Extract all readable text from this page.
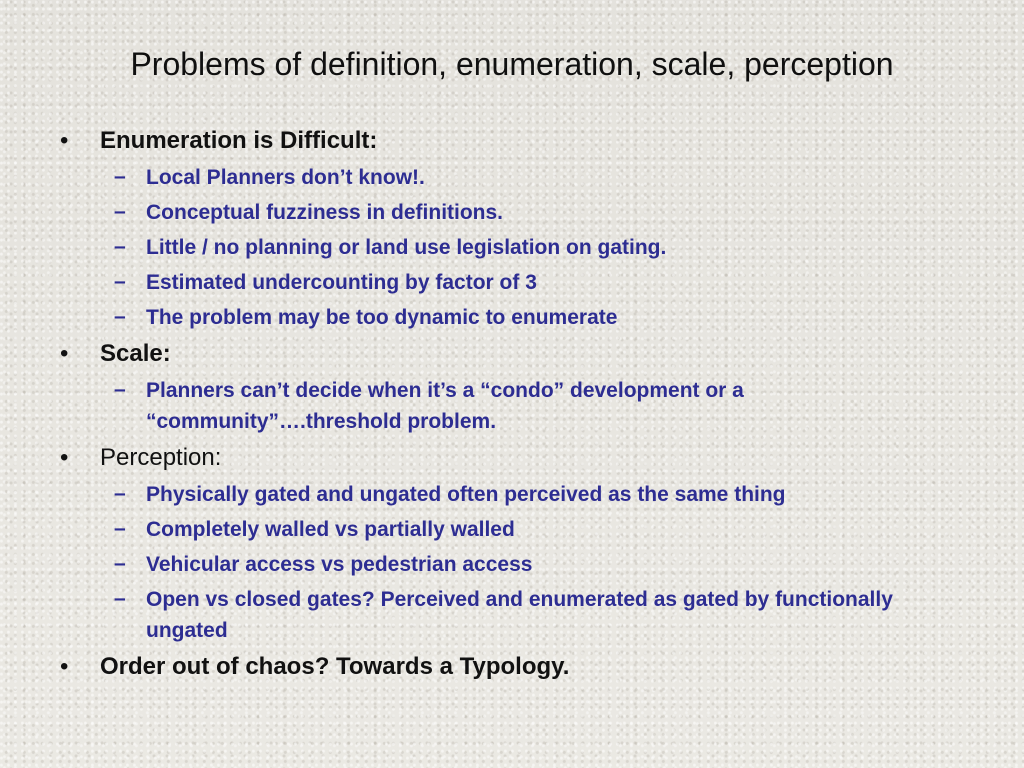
Problems of definition, enumeration, scale, perception
•	Enumeration is Difficult:
– Local Planners don’t know!.
– Conceptual fuzziness in definitions.
– Little / no planning or land use legislation on gating.
– Estimated undercounting by factor of 3
– The problem may be too dynamic to enumerate
•	Scale:
– Planners can’t decide when it’s a “condo” development or a “community”….threshold problem.
•	Perception:
– Physically gated and ungated often perceived as the same thing
– Completely walled vs partially walled
– Vehicular access vs pedestrian access
– Open vs closed gates? Perceived and enumerated as gated by functionally ungated
•	Order out of chaos? Towards a Typology.
